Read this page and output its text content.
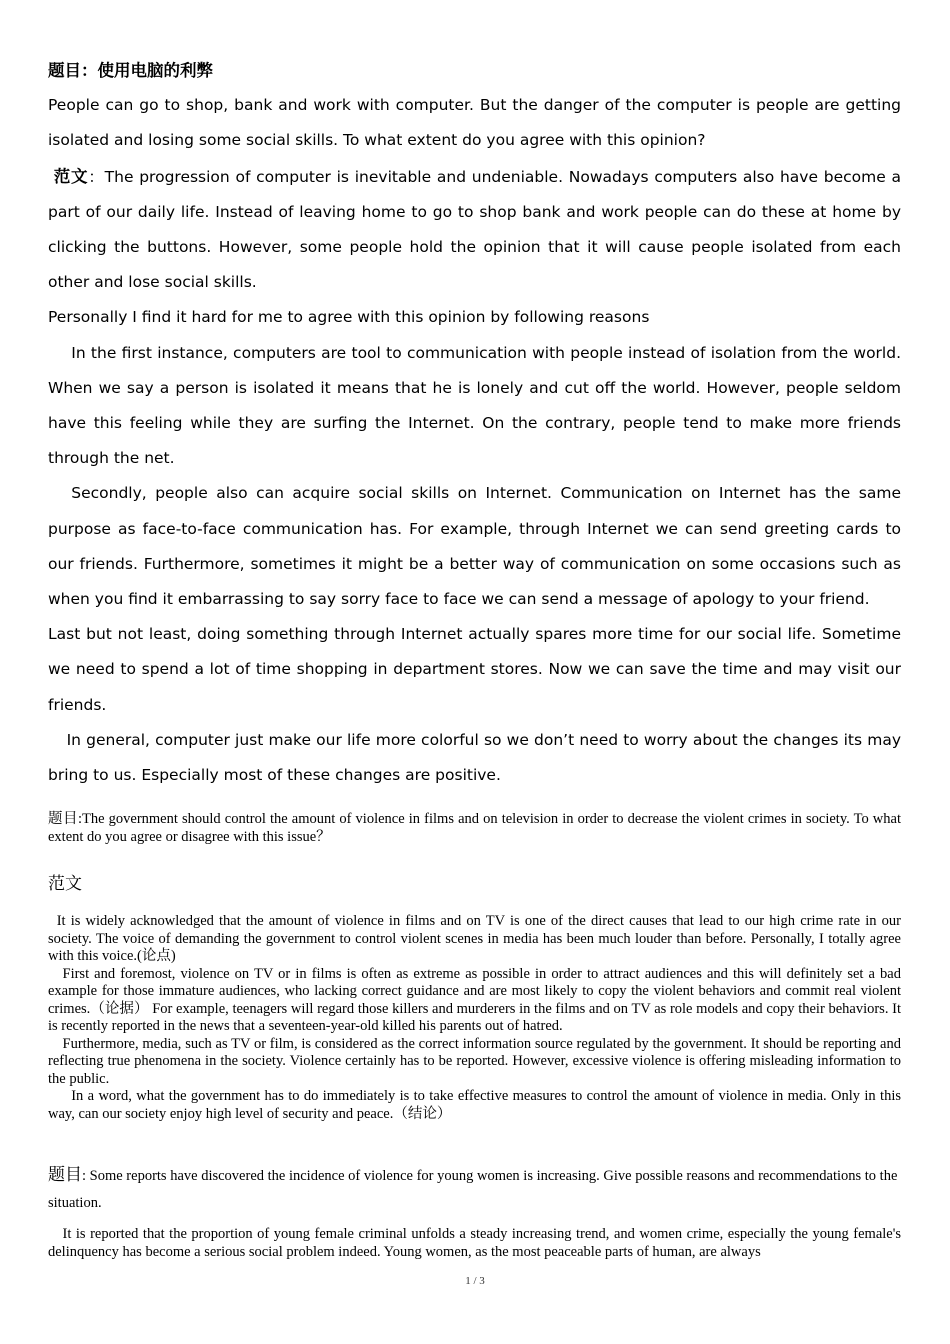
题目：使用电脑的利弊

People can go to shop, bank and work with computer. But the danger of the computer is people are getting isolated and losing some social skills. To what extent do you agree with this opinion?

范文：The progression of computer is inevitable and undeniable. Nowadays computers also have become a part of our daily life. Instead of leaving home to go to shop bank and work people can do these at home by clicking the buttons. However, some people hold the opinion that it will cause people isolated from each other and lose social skills.

Personally I find it hard for me to agree with this opinion by following reasons

In the first instance, computers are tool to communication with people instead of isolation from the world. When we say a person is isolated it means that he is lonely and cut off the world. However, people seldom have this feeling while they are surfing the Internet. On the contrary, people tend to make more friends through the net.

Secondly, people also can acquire social skills on Internet. Communication on Internet has the same purpose as face-to-face communication has. For example, through Internet we can send greeting cards to our friends. Furthermore, sometimes it might be a better way of communication on some occasions such as when you find it embarrassing to say sorry face to face we can send a message of apology to your friend.

Last but not least, doing something through Internet actually spares more time for our social life. Sometime we need to spend a lot of time shopping in department stores. Now we can save the time and may visit our friends.

In general, computer just make our life more colorful so we don’t need to worry about the changes its may bring to us. Especially most of these changes are positive.

题目:The government should control the amount of violence in films and on television in order to decrease the violent crimes in society. To what extent do you agree or disagree with this issue？

范文

It is widely acknowledged that the amount of violence in films and on TV is one of the direct causes that lead to our high crime rate in our society. The voice of demanding the government to control violent scenes in media has been much louder than before. Personally, I totally agree with this voice.(论点)

First and foremost, violence on TV or in films is often as extreme as possible in order to attract audiences and this will definitely set a bad example for those immature audiences, who lacking correct guidance and are most likely to copy the violent behaviors and commit real violent crimes.（论据） For example, teenagers will regard those killers and murderers in the films and on TV as role models and copy their behaviors. It is recently reported in the news that a seventeen-year-old killed his parents out of hatred.

Furthermore, media, such as TV or film, is considered as the correct information source regulated by the government. It should be reporting and reflecting true phenomena in the society. Violence certainly has to be reported. However, excessive violence is offering misleading information to the public.

In a word, what the government has to do immediately is to take effective measures to control the amount of violence in media. Only in this way, can our society enjoy high level of security and peace.（结论）

题目: Some reports have discovered the incidence of violence for young women is increasing. Give possible reasons and recommendations to the situation.

It is reported that the proportion of young female criminal unfolds a steady increasing trend, and women crime, especially the young female's delinquency has become a serious social problem indeed. Young women, as the most peaceable parts of human, are always

1 / 3
